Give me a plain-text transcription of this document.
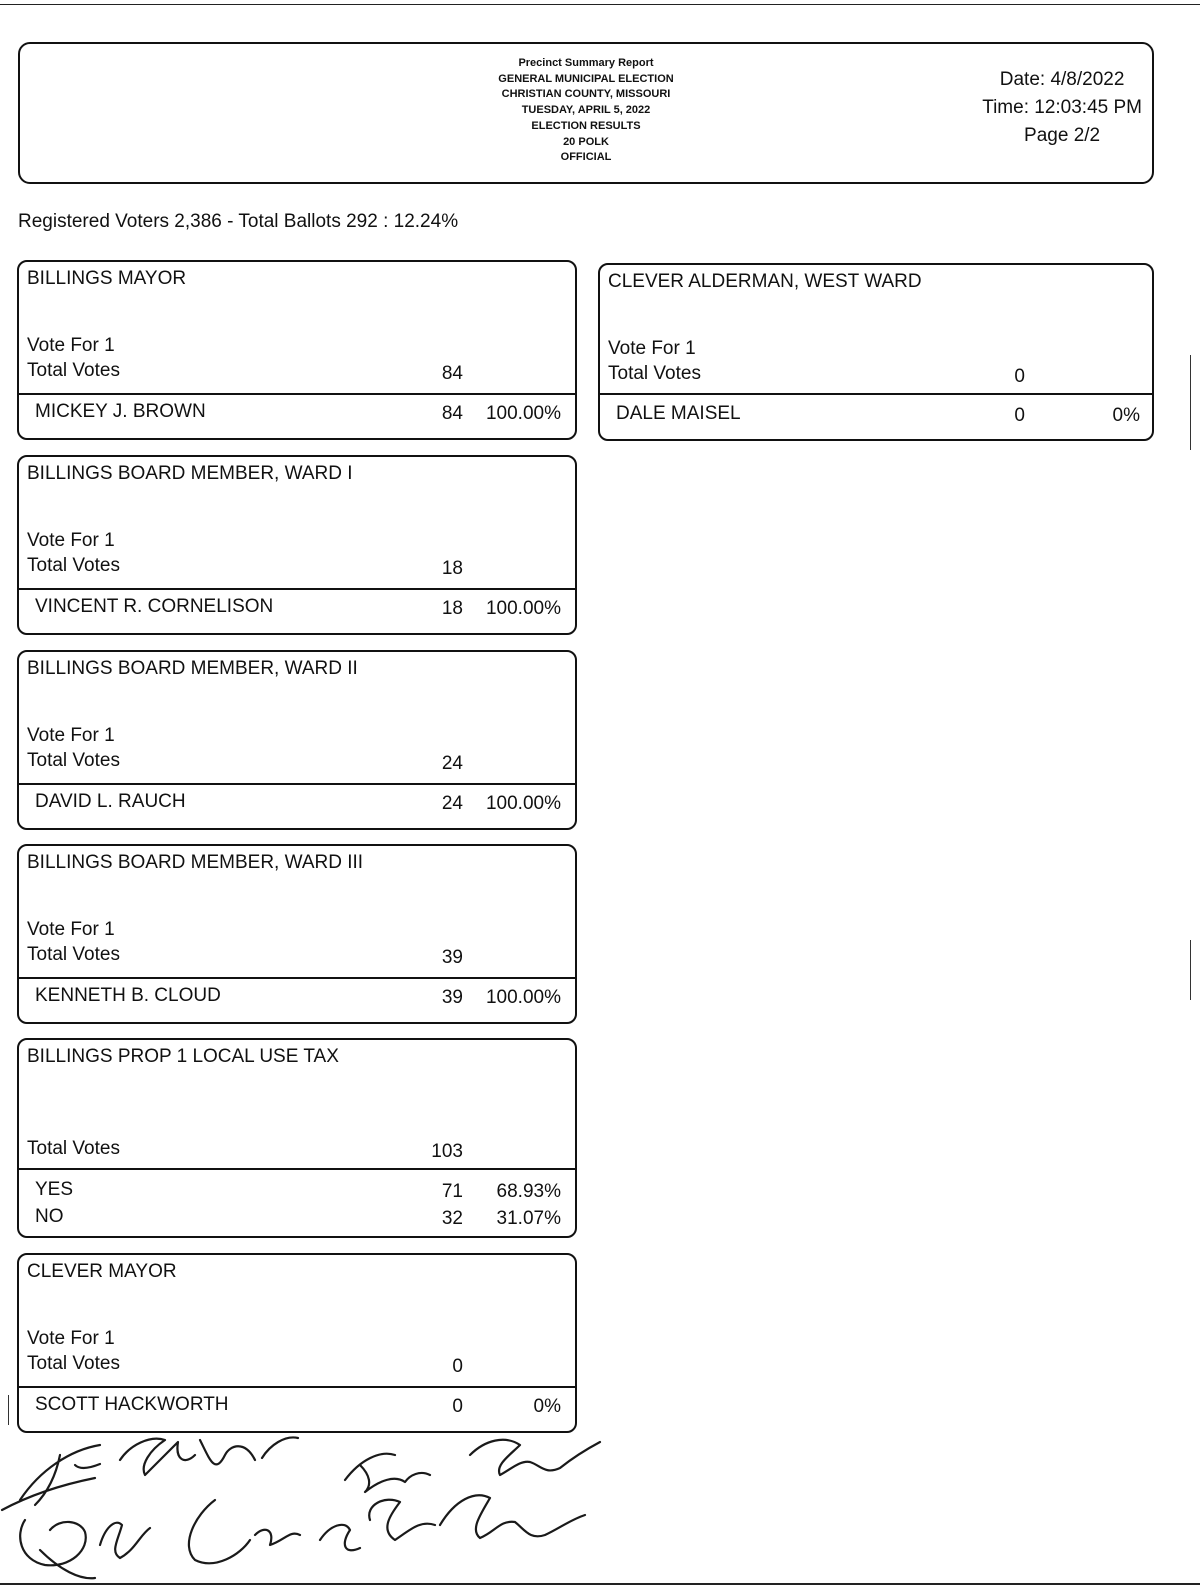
Precinct Summary Report
GENERAL MUNICIPAL ELECTION
CHRISTIAN COUNTY, MISSOURI
TUESDAY, APRIL 5, 2022
ELECTION RESULTS
20 POLK
OFFICIAL
Date: 4/8/2022
Time: 12:03:45 PM
Page 2/2
Registered Voters 2,386 - Total Ballots 292 : 12.24%
BILLINGS MAYOR
Vote For 1
Total Votes	84
MICKEY J. BROWN	84	100.00%
BILLINGS BOARD MEMBER, WARD I
Vote For 1
Total Votes	18
VINCENT R. CORNELISON	18	100.00%
BILLINGS BOARD MEMBER, WARD II
Vote For 1
Total Votes	24
DAVID L. RAUCH	24	100.00%
BILLINGS BOARD MEMBER, WARD III
Vote For 1
Total Votes	39
KENNETH B. CLOUD	39	100.00%
BILLINGS PROP 1 LOCAL USE TAX
Total Votes	103
YES	71	68.93%
NO	32	31.07%
CLEVER MAYOR
Vote For 1
Total Votes	0
SCOTT HACKWORTH	0	0%
CLEVER ALDERMAN, WEST WARD
Vote For 1
Total Votes	0
DALE MAISEL	0	0%
